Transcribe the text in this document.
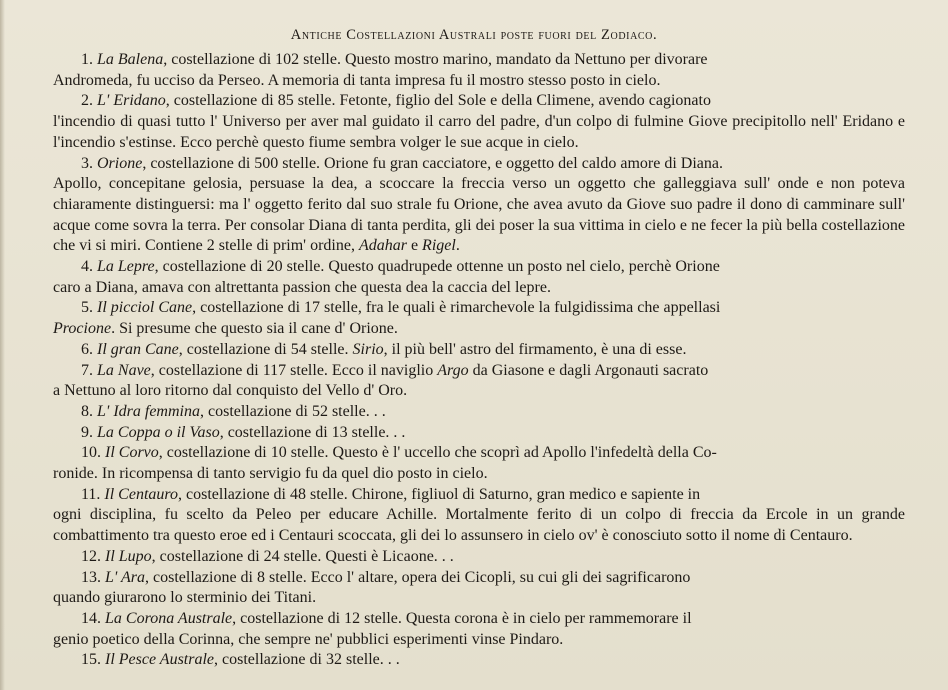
Antiche Costellazioni Australi poste fuori del Zodiaco.

1. La Balena, costellazione di 102 stelle. Questo mostro marino, mandato da Nettuno per divorare
Andromeda, fu ucciso da Perseo. A memoria di tanta impresa fu il mostro stesso posto in cielo.

2. L' Eridano, costellazione di 85 stelle. Fetonte, figlio del Sole e della Climene, avendo cagionato
l'incendio di quasi tutto l' Universo per aver mal guidato il carro del padre, d'un colpo di fulmine Giove precipitollo nell' Eridano e l'incendio s'estinse. Ecco perchè questo fiume sembra volger le sue acque in cielo.

3. Orione, costellazione di 500 stelle. Orione fu gran cacciatore, e oggetto del caldo amore di Diana.
Apollo, concepitane gelosia, persuase la dea, a scoccare la freccia verso un oggetto che galleggiava sull' onde e non poteva chiaramente distinguersi: ma l' oggetto ferito dal suo strale fu Orione, che avea avuto da Giove suo padre il dono di camminare sull' acque come sovra la terra. Per consolar Diana di tanta perdita, gli dei poser la sua vittima in cielo e ne fecer la più bella costellazione che vi si miri. Contiene 2 stelle di prim' ordine, Adahar e Rigel.

4. La Lepre, costellazione di 20 stelle. Questo quadrupede ottenne un posto nel cielo, perchè Orione
caro a Diana, amava con altrettanta passion che questa dea la caccia del lepre.

5. Il picciol Cane, costellazione di 17 stelle, fra le quali è rimarchevole la fulgidissima che appellasi
Procione. Si presume che questo sia il cane d' Orione.

6. Il gran Cane, costellazione di 54 stelle. Sirio, il più bell' astro del firmamento, è una di esse.

7. La Nave, costellazione di 117 stelle. Ecco il naviglio Argo da Giasone e dagli Argonauti sacrato
a Nettuno al loro ritorno dal conquisto del Vello d' Oro.

8. L' Idra femmina, costellazione di 52 stelle. . .

9. La Coppa o il Vaso, costellazione di 13 stelle. . .

10. Il Corvo, costellazione di 10 stelle. Questo è l' uccello che scoprì ad Apollo l'infedeltà della Co-
ronide. In ricompensa di tanto servigio fu da quel dio posto in cielo.

11. Il Centauro, costellazione di 48 stelle. Chirone, figliuol di Saturno, gran medico e sapiente in
ogni disciplina, fu scelto da Peleo per educare Achille. Mortalmente ferito di un colpo di freccia da Ercole in un grande combattimento tra questo eroe ed i Centauri scoccata, gli dei lo assunsero in cielo ov' è conosciuto sotto il nome di Centauro.

12. Il Lupo, costellazione di 24 stelle. Questi è Licaone. . .

13. L' Ara, costellazione di 8 stelle. Ecco l' altare, opera dei Cicopli, su cui gli dei sagrificarono
quando giurarono lo sterminio dei Titani.

14. La Corona Australe, costellazione di 12 stelle. Questa corona è in cielo per rammemorare il
genio poetico della Corinna, che sempre ne' pubblici esperimenti vinse Pindaro.

15. Il Pesce Australe, costellazione di 32 stelle. . .
